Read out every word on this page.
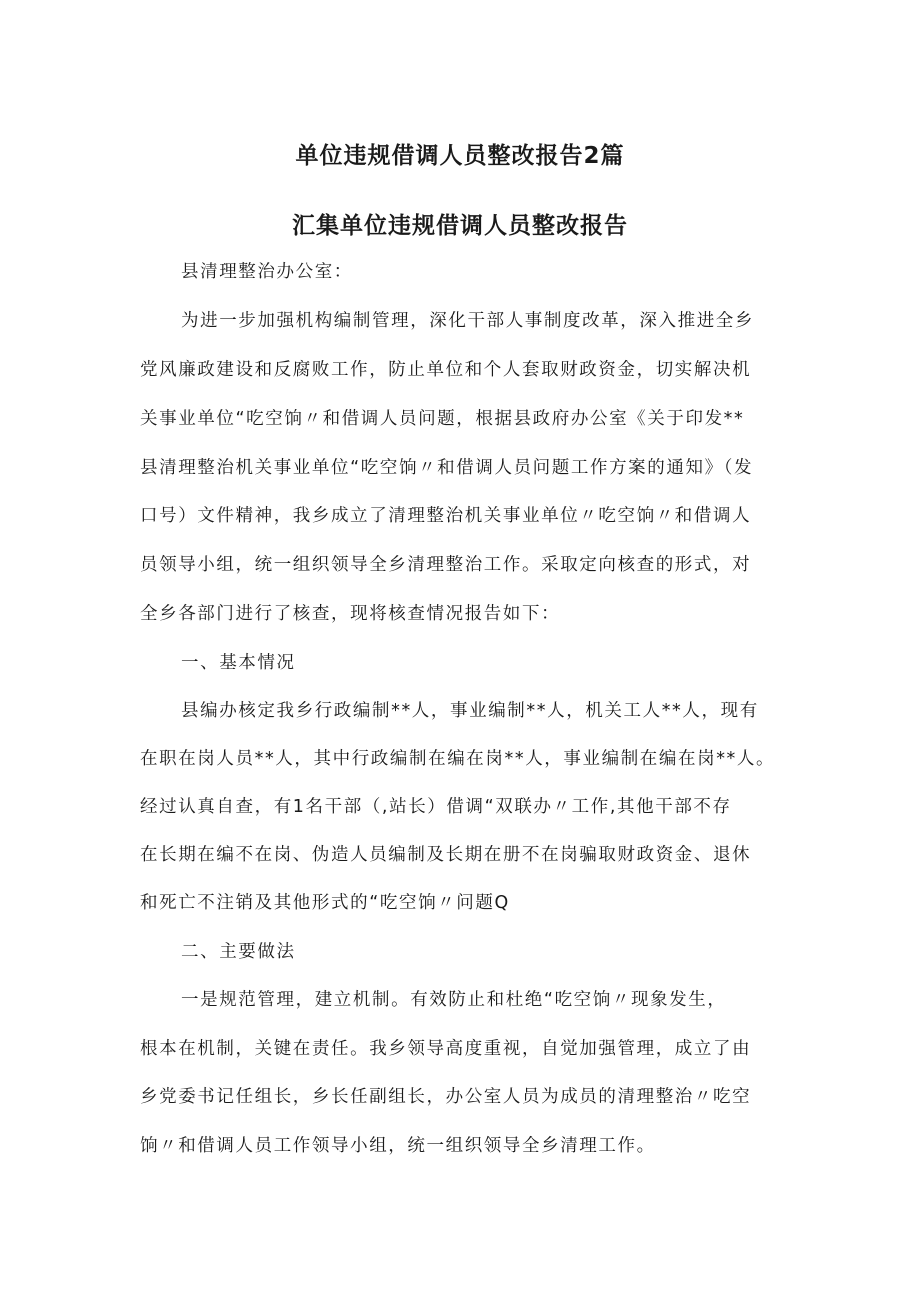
单位违规借调人员整改报告2篇
汇集单位违规借调人员整改报告
县清理整治办公室：
为进一步加强机构编制管理，深化干部人事制度改革，深入推进全乡
党风廉政建设和反腐败工作，防止单位和个人套取财政资金，切实解决机
关事业单位“吃空饷〃和借调人员问题，根据县政府办公室《关于印发**
县清理整治机关事业单位“吃空饷〃和借调人员问题工作方案的通知》（发
口号）文件精神，我乡成立了清理整治机关事业单位〃吃空饷〃和借调人
员领导小组，统一组织领导全乡清理整治工作。采取定向核查的形式，对
全乡各部门进行了核查，现将核查情况报告如下：
一、基本情况
县编办核定我乡行政编制**人，事业编制**人，机关工人**人，现有
在职在岗人员**人，其中行政编制在编在岗**人，事业编制在编在岗**人。
经过认真自查，有1名干部（,站长）借调“双联办〃工作,其他干部不存
在长期在编不在岗、伪造人员编制及长期在册不在岗骗取财政资金、退休
和死亡不注销及其他形式的“吃空饷〃问题Q
二、主要做法
一是规范管理，建立机制。有效防止和杜绝“吃空饷〃现象发生，
根本在机制，关键在责任。我乡领导高度重视，自觉加强管理，成立了由
乡党委书记任组长，乡长任副组长，办公室人员为成员的清理整治〃吃空
饷〃和借调人员工作领导小组，统一组织领导全乡清理工作。
